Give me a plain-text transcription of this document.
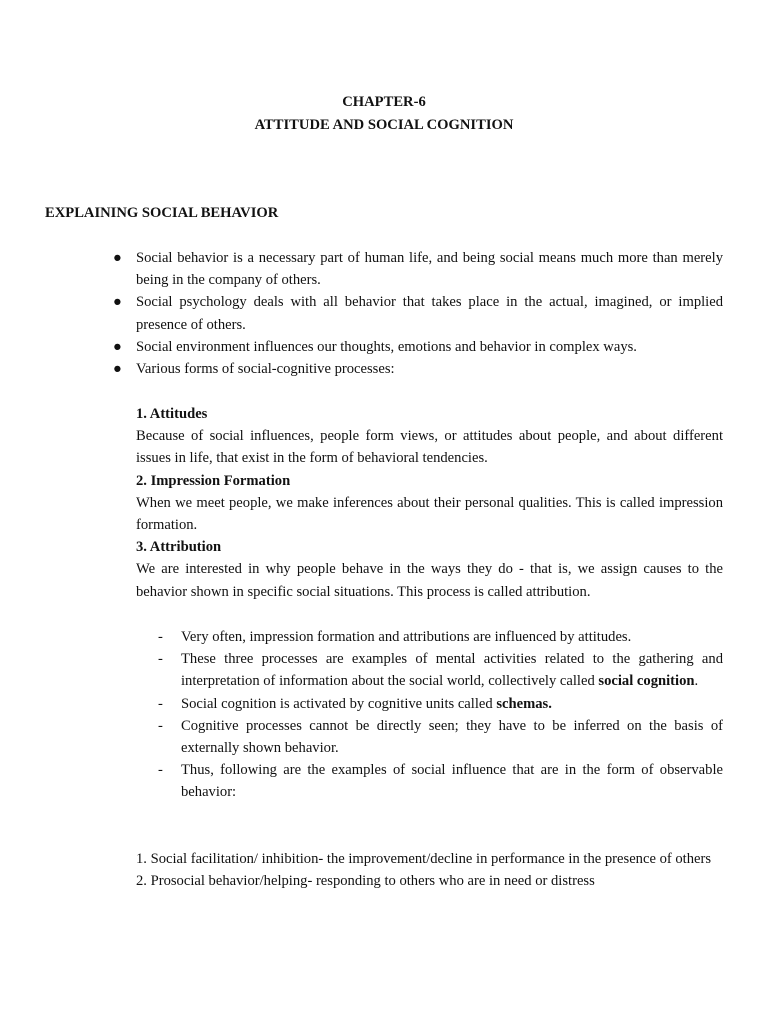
CHAPTER-6
ATTITUDE AND SOCIAL COGNITION
EXPLAINING SOCIAL BEHAVIOR
● Social behavior is a necessary part of human life, and being social means much more than merely being in the company of others.
● Social psychology deals with all behavior that takes place in the actual, imagined, or implied presence of others.
● Social environment influences our thoughts, emotions and behavior in complex ways.
● Various forms of social-cognitive processes:
1. Attitudes
Because of social influences, people form views, or attitudes about people, and about different issues in life, that exist in the form of behavioral tendencies.
2. Impression Formation
When we meet people, we make inferences about their personal qualities. This is called impression formation.
3. Attribution
We are interested in why people behave in the ways they do - that is, we assign causes to the behavior shown in specific social situations. This process is called attribution.
- Very often, impression formation and attributions are influenced by attitudes.
- These three processes are examples of mental activities related to the gathering and interpretation of information about the social world, collectively called social cognition.
- Social cognition is activated by cognitive units called schemas.
- Cognitive processes cannot be directly seen; they have to be inferred on the basis of externally shown behavior.
- Thus, following are the examples of social influence that are in the form of observable behavior:
1. Social facilitation/ inhibition- the improvement/decline in performance in the presence of others
2. Prosocial behavior/helping- responding to others who are in need or distress
